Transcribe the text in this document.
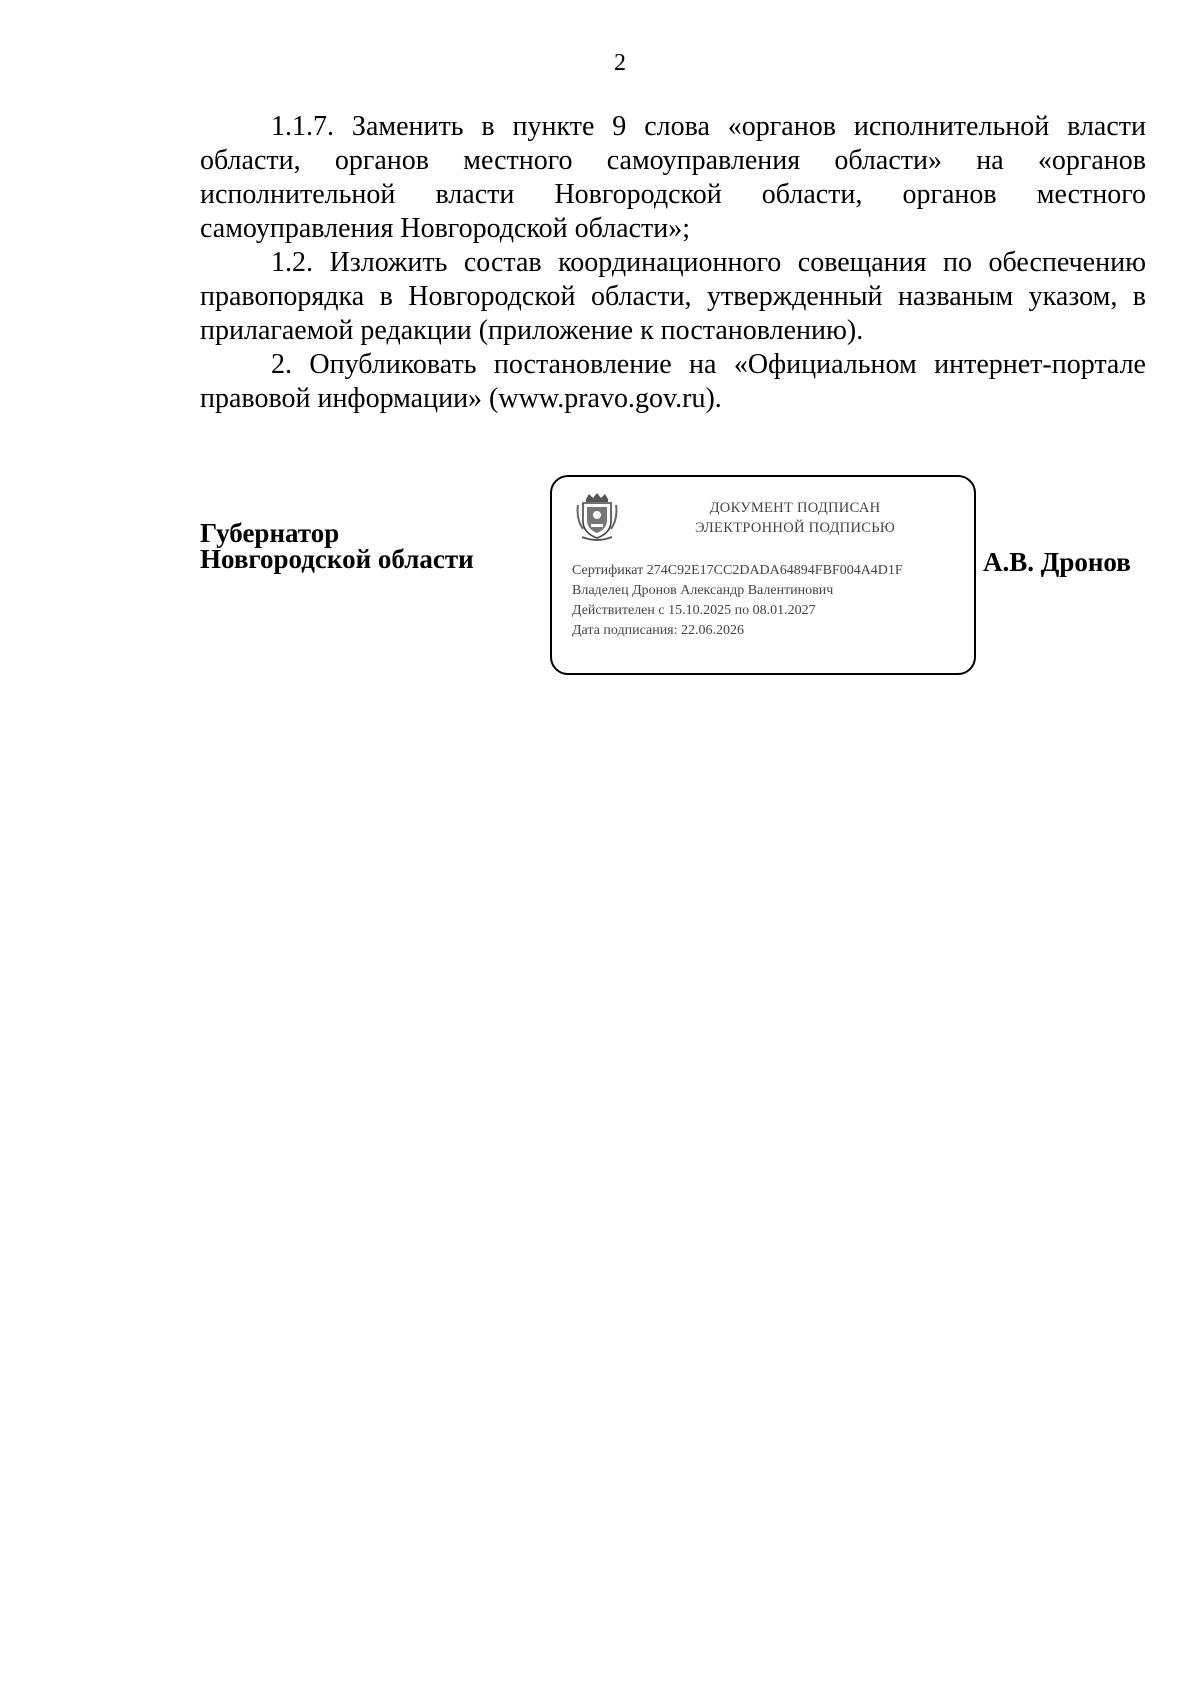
2

1.1.7. Заменить в пункте 9 слова «органов исполнительной власти области, органов местного самоуправления области» на «органов исполнительной власти Новгородской области, органов местного самоуправления Новгородской области»;

1.2. Изложить состав координационного совещания по обеспечению правопорядка в Новгородской области, утвержденный названым указом, в прилагаемой редакции (приложение к постановлению).

2. Опубликовать постановление на «Официальном интернет-портале правовой информации» (www.pravo.gov.ru).

Губернатор
Новгородской области
ДОКУМЕНТ ПОДПИСАН
ЭЛЕКТРОННОЙ ПОДПИСЬЮ
Сертификат 274C92E17CC2DADA64894FBF004A4D1F
Владелец Дронов Александр Валентинович
Действителен с 15.10.2025 по 08.01.2027
Дата подписания: 22.06.2026
А.В. Дронов
